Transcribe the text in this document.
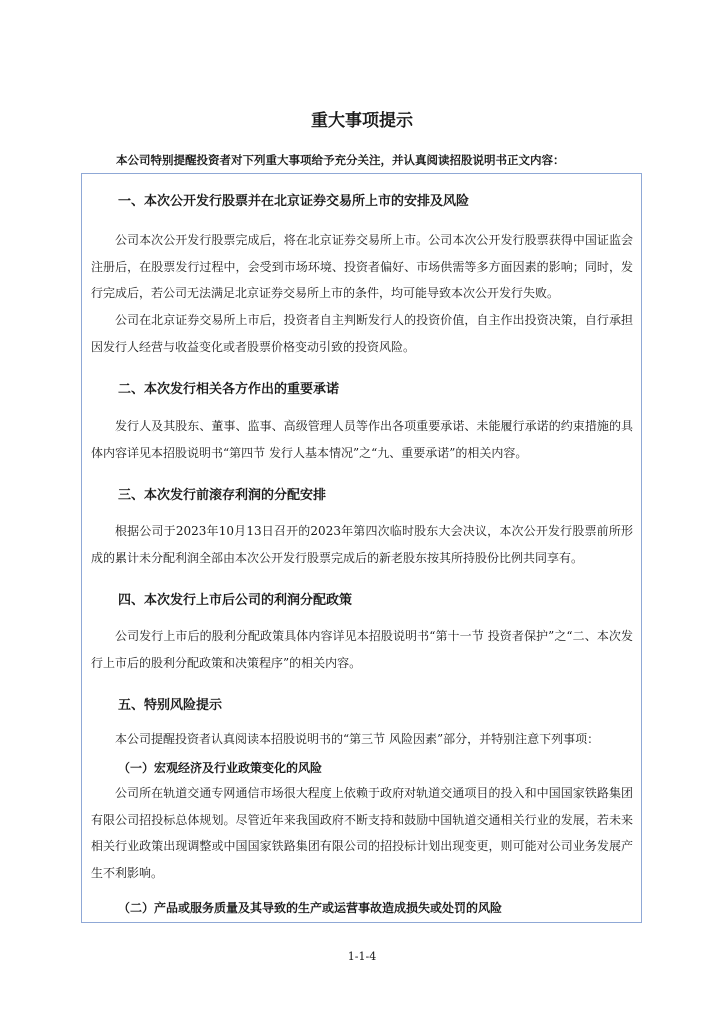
重大事项提示
本公司特别提醒投资者对下列重大事项给予充分关注，并认真阅读招股说明书正文内容：
一、本次公开发行股票并在北京证券交易所上市的安排及风险

公司本次公开发行股票完成后，将在北京证券交易所上市。公司本次公开发行股票获得中国证监会注册后，在股票发行过程中，会受到市场环境、投资者偏好、市场供需等多方面因素的影响；同时，发行完成后，若公司无法满足北京证券交易所上市的条件，均可能导致本次公开发行失败。

公司在北京证券交易所上市后，投资者自主判断发行人的投资价值，自主作出投资决策，自行承担因发行人经营与收益变化或者股票价格变动引致的投资风险。

二、本次发行相关各方作出的重要承诺

发行人及其股东、董事、监事、高级管理人员等作出各项重要承诺、未能履行承诺的约束措施的具体内容详见本招股说明书“第四节 发行人基本情况”之“九、重要承诺”的相关内容。

三、本次发行前滚存利润的分配安排

根据公司于2023年10月13日召开的2023年第四次临时股东大会决议，本次公开发行股票前所形成的累计未分配利润全部由本次公开发行股票完成后的新老股东按其所持股份比例共同享有。

四、本次发行上市后公司的利润分配政策

公司发行上市后的股利分配政策具体内容详见本招股说明书“第十一节 投资者保护”之“二、本次发行上市后的股利分配政策和决策程序”的相关内容。

五、特别风险提示

本公司提醒投资者认真阅读本招股说明书的“第三节 风险因素”部分，并特别注意下列事项：

（一）宏观经济及行业政策变化的风险

公司所在轨道交通专网通信市场很大程度上依赖于政府对轨道交通项目的投入和中国国家铁路集团有限公司招投标总体规划。尽管近年来我国政府不断支持和鼓励中国轨道交通相关行业的发展，若未来相关行业政策出现调整或中国国家铁路集团有限公司的招投标计划出现变更，则可能对公司业务发展产生不利影响。

（二）产品或服务质量及其导致的生产或运营事故造成损失或处罚的风险
1-1-4
